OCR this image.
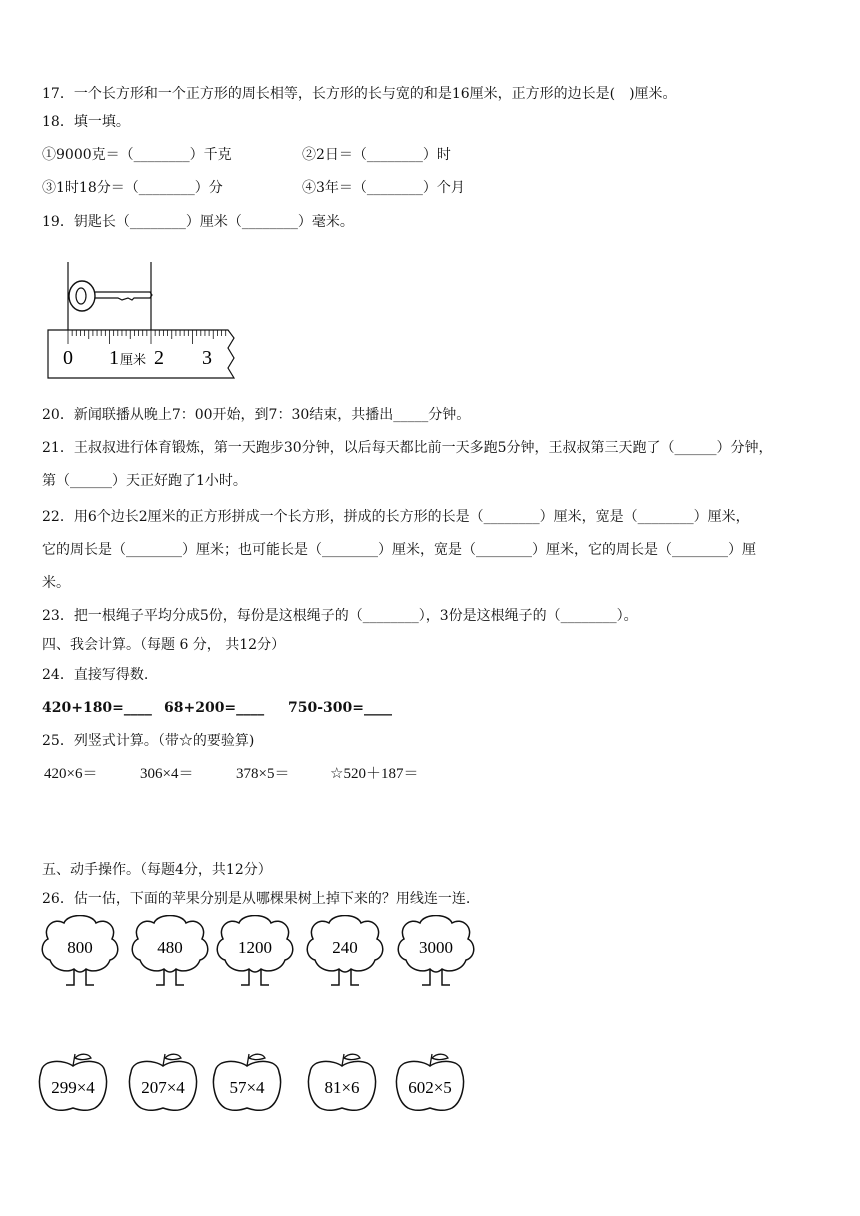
17．一个长方形和一个正方形的周长相等，长方形的长与宽的和是16厘米，正方形的边长是(　)厘米。
18．填一填。
①9000克＝（________）千克	②2日＝（________）时
③1时18分＝（________）分	④3年＝（________）个月
19．钥匙长（________）厘米（________）毫米。
0 1 厘米 2 3
20．新闻联播从晚上7：00开始，到7：30结束，共播出_____分钟。
21．王叔叔进行体育锻炼，第一天跑步30分钟，以后每天都比前一天多跑5分钟，王叔叔第三天跑了（______）分钟，
第（______）天正好跑了1小时。
22．用6个边长2厘米的正方形拼成一个长方形，拼成的长方形的长是（________）厘米，宽是（________）厘米，
它的周长是（________）厘米；也可能长是（________）厘米，宽是（________）厘米，它的周长是（________）厘
米。
23．把一根绳子平均分成5份，每份是这根绳子的（________），3份是这根绳子的（________）。
四、我会计算。（每题 6 分， 共12分）
24．直接写得数.
420+180=____ 68+200=____ 750-300=____
25．列竖式计算。（带☆的要验算)
420×6＝	306×4＝	378×5＝	☆520＋187＝
五、动手操作。（每题4分，共12分）
26．估一估，下面的苹果分别是从哪棵果树上掉下来的？用线连一连.
800	480	1200	240	3000
299×4	207×4	57×4	81×6	602×5
